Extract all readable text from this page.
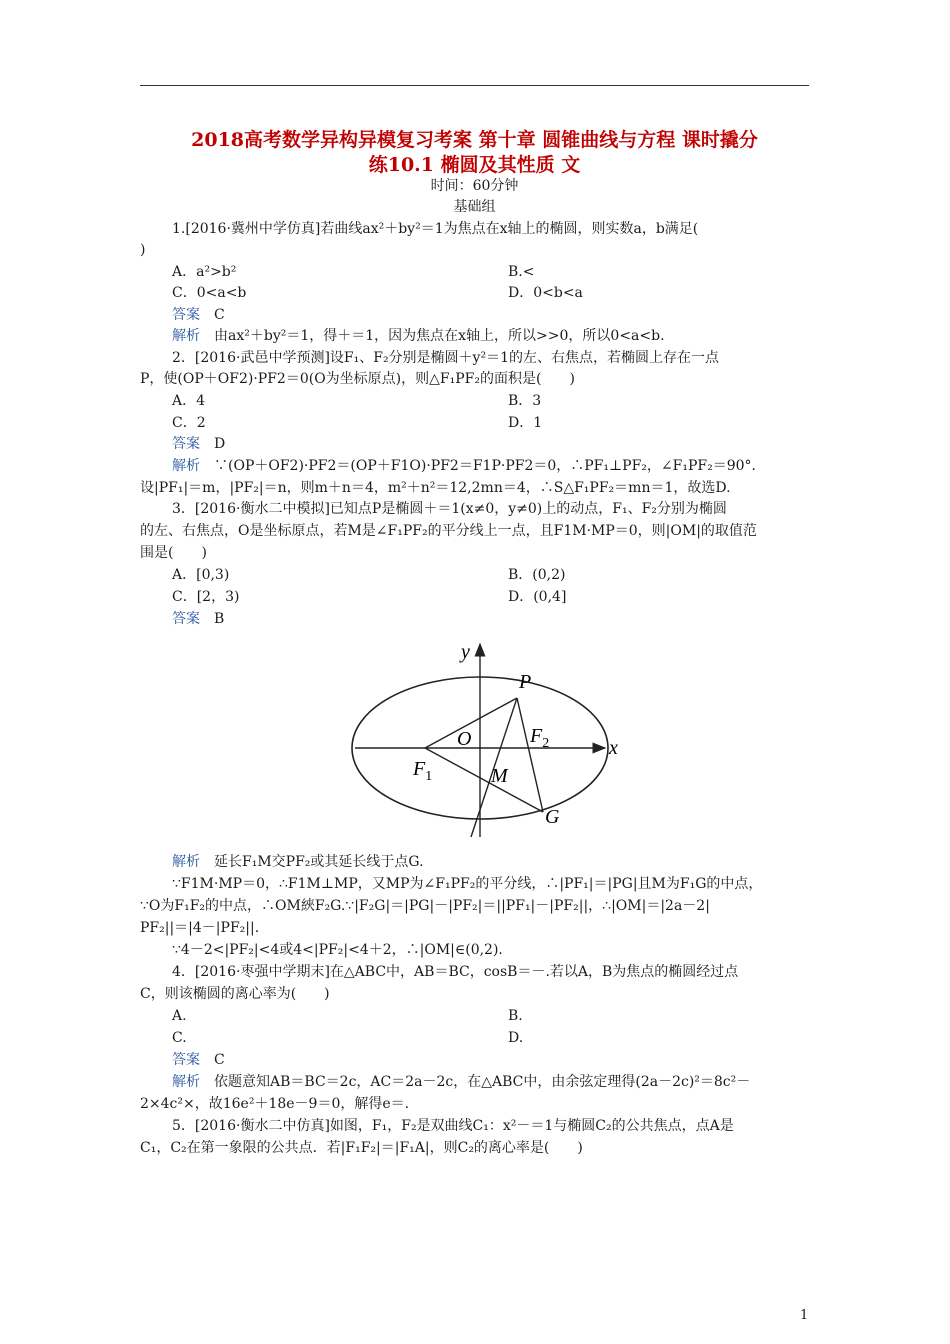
2018高考数学异构异模复习考案 第十章 圆锥曲线与方程 课时撬分
练10.1 椭圆及其性质 文
时间：60分钟
基础组
1.[2016·冀州中学仿真]若曲线ax²＋by²＝1为焦点在x轴上的椭圆，则实数a，b满足(
)
A．a²>b²	B.<
C．0<a<b	D．0<b<a
答案　 C
解析　 由ax²＋by²＝1，得＋＝1，因为焦点在x轴上，所以>>0，所以0<a<b.
2．[2016·武邑中学预测]设F₁、F₂分别是椭圆＋y²＝1的左、右焦点，若椭圆上存在一点
P，使(OP＋OF2)·PF2＝0(O为坐标原点)，则△F₁PF₂的面积是(　　)
A．4	B．3
C．2	D．1
答案　 D
解析　 ∵(OP＋OF2)·PF2＝(OP＋F1O)·PF2＝F1P·PF2＝0，∴PF₁⊥PF₂，∠F₁PF₂＝90°．
设|PF₁|＝m，|PF₂|＝n，则m＋n＝4，m²＋n²＝12,2mn＝4，∴S△F₁PF₂＝mn＝1，故选D.
3．[2016·衡水二中模拟]已知点P是椭圆＋＝1(x≠0，y≠0)上的动点，F₁、F₂分别为椭圆
的左、右焦点，O是坐标原点，若M是∠F₁PF₂的平分线上一点，且F1M·MP＝0，则|OM|的取值范
围是(　　)
A．[0,3)	B．(0,2)
C．[2，3)	D．(0,4]
答案　 B
y
x
P
O
$F_1$
$F_2$
M
G
解析　 延长F₁M交PF₂或其延长线于点G.
∵F1M·MP＝0，∴F1M⊥MP，又MP为∠F₁PF₂的平分线，∴|PF₁|＝|PG|且M为F₁G的中点，
∵O为F₁F₂的中点，∴OM綊F₂G.∵|F₂G|＝|PG|－|PF₂|＝||PF₁|－|PF₂||，∴|OM|＝|2a－2|
PF₂||＝|4－|PF₂||.
∵4－2<|PF₂|<4或4<|PF₂|<4＋2，∴|OM|∈(0,2).
4．[2016·枣强中学期末]在△ABC中，AB＝BC，cosB＝－.若以A，B为焦点的椭圆经过点
C，则该椭圆的离心率为(　　)
A.	B.
C.	D.
答案　 C
解析　 依题意知AB＝BC＝2c，AC＝2a－2c，在△ABC中，由余弦定理得(2a－2c)²＝8c²－
2×4c²×，故16e²＋18e－9＝0，解得e＝.
5．[2016·衡水二中仿真]如图，F₁，F₂是双曲线C₁：x²－＝1与椭圆C₂的公共焦点，点A是
C₁，C₂在第一象限的公共点．若|F₁F₂|＝|F₁A|，则C₂的离心率是(　　)
1
